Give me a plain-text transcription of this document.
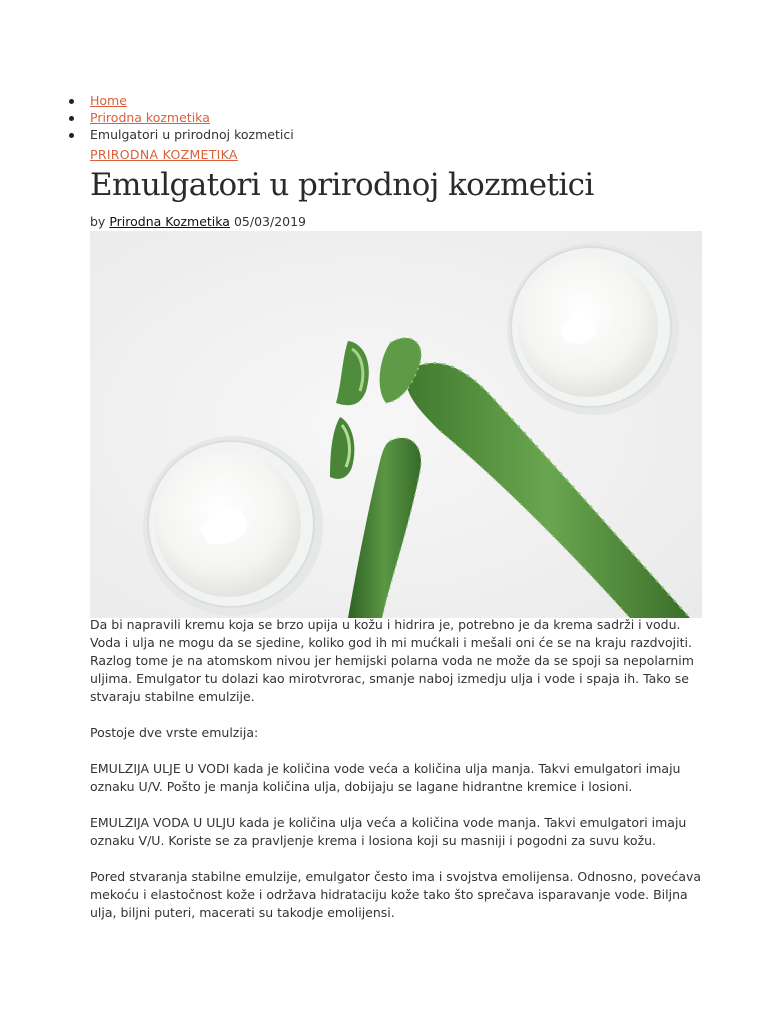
Home
Prirodna kozmetika
Emulgatori u prirodnoj kozmetici
PRIRODNA KOZMETIKA
Emulgatori u prirodnoj kozmetici
by Prirodna Kozmetika 05/03/2019

Da bi napravili kremu koja se brzo upija u kožu i hidrira je, potrebno je da krema sadrži i vodu. Voda i ulja ne mogu da se sjedine, koliko god ih mi mućkali i mešali oni će se na kraju razdvojiti. Razlog tome je na atomskom nivou jer hemijski polarna voda ne može da se spoji sa nepolarnim uljima. Emulgator tu dolazi kao mirotvrorac, smanje naboj izmedju ulja i vode i spaja ih. Tako se stvaraju stabilne emulzije.

Postoje dve vrste emulzija:

EMULZIJA ULJE U VODI kada je količina vode veća a količina ulja manja. Takvi emulgatori imaju oznaku U/V. Pošto je manja količina ulja, dobijaju se lagane hidrantne kremice i losioni.

EMULZIJA VODA U ULJU kada je količina ulja veća a količina vode manja. Takvi emulgatori imaju oznaku V/U. Koriste se za pravljenje krema i losiona koji su masniji i pogodni za suvu kožu.

Pored stvaranja stabilne emulzije, emulgator često ima i svojstva emolijensa. Odnosno, povećava mekoću i elastočnost kože i održava hidrataciju kože tako što sprečava isparavanje vode. Biljna ulja, biljni puteri, macerati su takodje emolijensi.
